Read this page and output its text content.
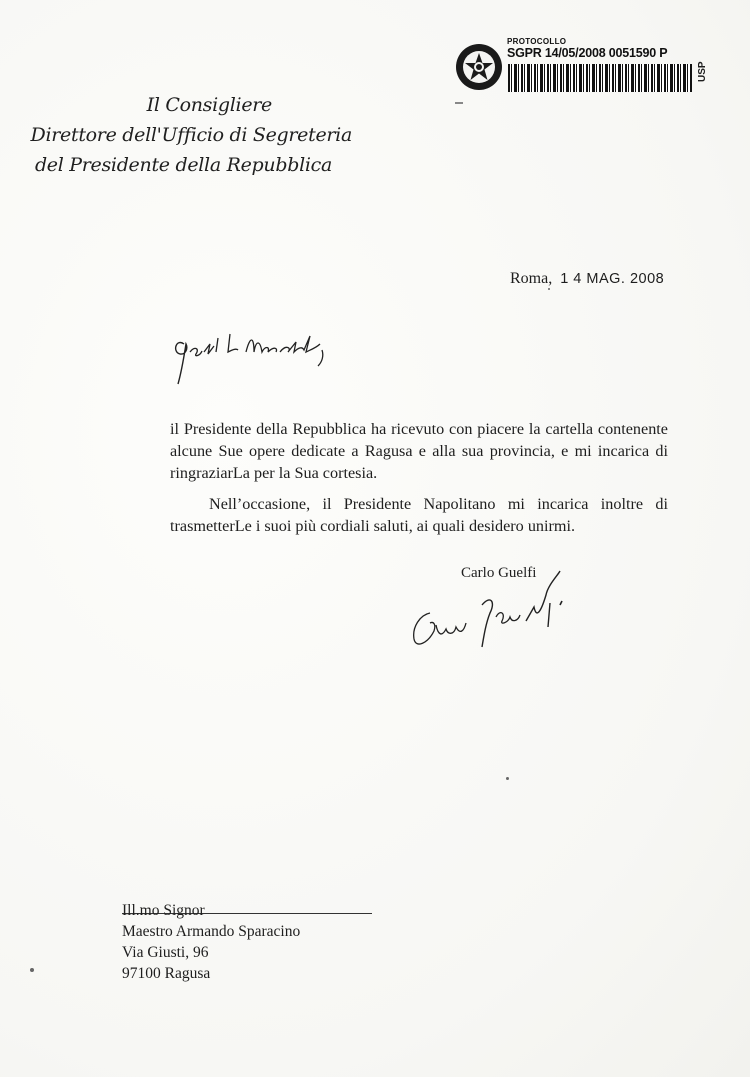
Il Consigliere
Direttore dell'Ufficio di Segreteria
del Presidente della Repubblica
PROTOCOLLO
SGPR 14/05/2008 0051590 P
USP
Roma, 1 4 MAG. 2008

il Presidente della Repubblica ha ricevuto con piacere la cartella contenente alcune Sue opere dedicate a Ragusa e alla sua provincia, e mi incarica di ringraziarLa per la Sua cortesia.

Nell’occasione, il Presidente Napolitano mi incarica inoltre di trasmetterLe i suoi più cordiali saluti, ai quali desidero unirmi.

Carlo Guelfi
Ill.mo Signor
Maestro Armando Sparacino
Via Giusti, 96
97100 Ragusa
